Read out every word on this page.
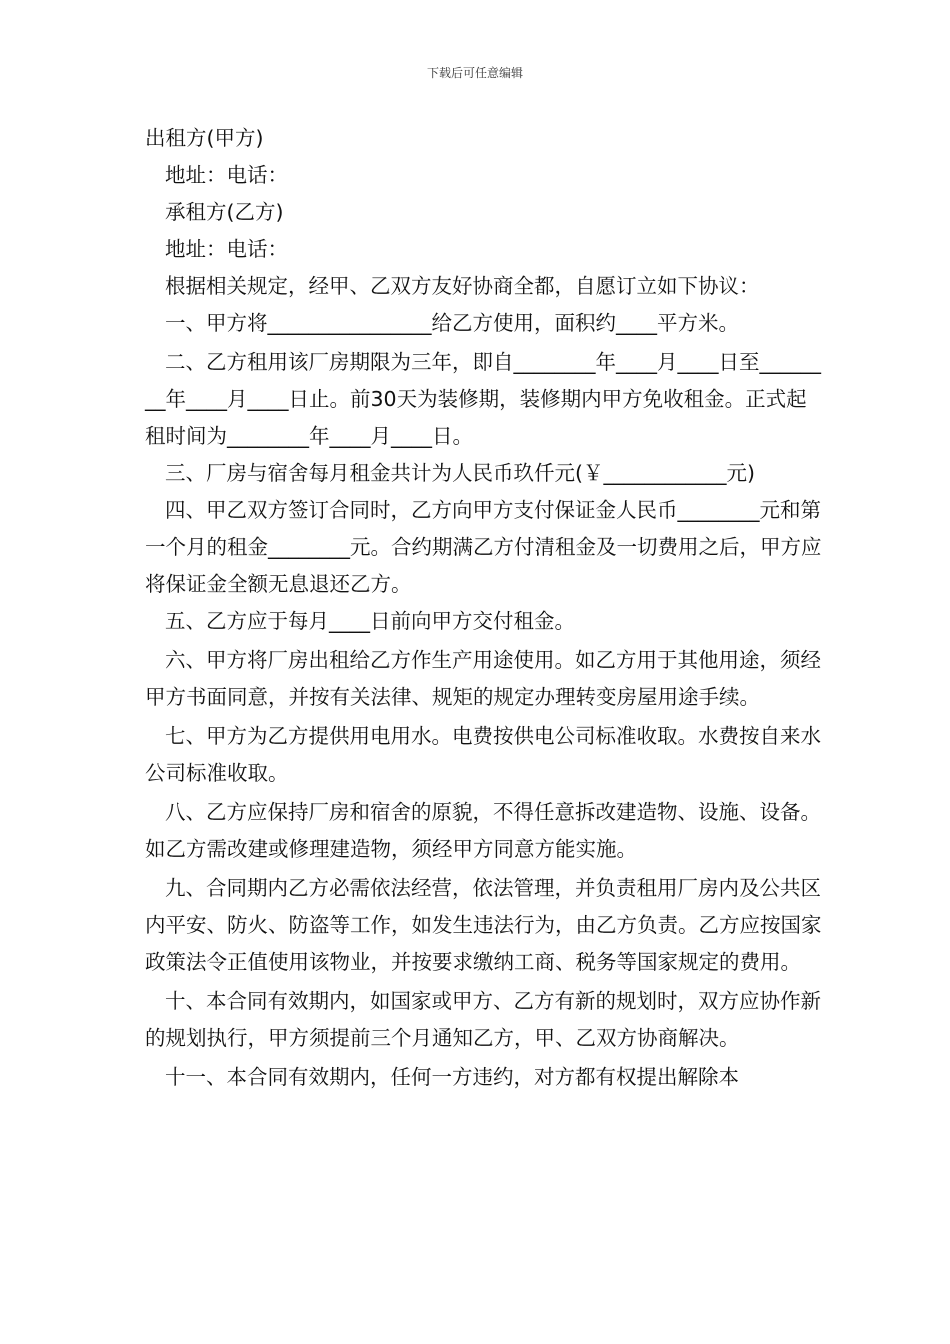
下载后可任意编辑

出租方(甲方)

地址：电话：

承租方(乙方)

地址：电话：

根据相关规定，经甲、乙双方友好协商全都，自愿订立如下协议：

一、甲方将________________给乙方使用，面积约____平方米。

二、乙方租用该厂房期限为三年，即自________年____月____日至________年____月____日止。前30天为装修期，装修期内甲方免收租金。正式起租时间为________年____月____日。

三、厂房与宿舍每月租金共计为人民币玖仟元(￥____________元)

四、甲乙双方签订合同时，乙方向甲方支付保证金人民币________元和第一个月的租金________元。合约期满乙方付清租金及一切费用之后，甲方应将保证金全额无息退还乙方。

五、乙方应于每月____日前向甲方交付租金。

六、甲方将厂房出租给乙方作生产用途使用。如乙方用于其他用途，须经甲方书面同意，并按有关法律、规矩的规定办理转变房屋用途手续。

七、甲方为乙方提供用电用水。电费按供电公司标准收取。水费按自来水公司标准收取。

八、乙方应保持厂房和宿舍的原貌，不得任意拆改建造物、设施、设备。如乙方需改建或修理建造物，须经甲方同意方能实施。

九、合同期内乙方必需依法经营，依法管理，并负责租用厂房内及公共区内平安、防火、防盗等工作，如发生违法行为，由乙方负责。乙方应按国家政策法令正值使用该物业，并按要求缴纳工商、税务等国家规定的费用。

十、本合同有效期内，如国家或甲方、乙方有新的规划时，双方应协作新的规划执行，甲方须提前三个月通知乙方，甲、乙双方协商解决。

十一、本合同有效期内，任何一方违约，对方都有权提出解除本
